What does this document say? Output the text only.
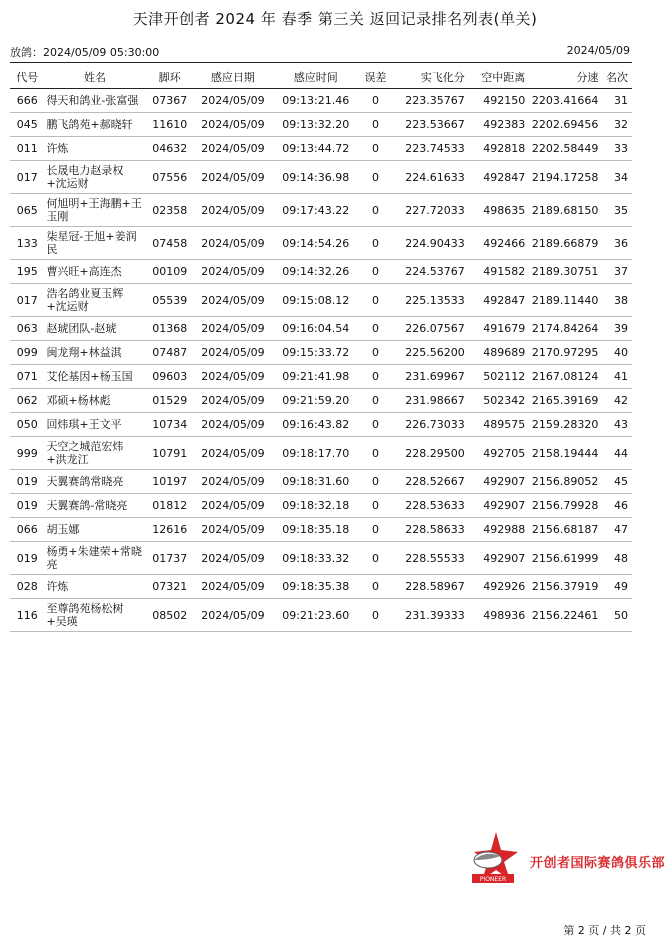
天津开创者 2024 年 春季 第三关 返回记录排名列表(单关)
放鸽：2024/05/09 05:30:00	2024/05/09
代号	姓名	脚环	感应日期	感应时间	误差	实飞化分	空中距离	分速	名次
666	得天和鸽业-张富强	07367	2024/05/09	09:13:21.46	0	223.35767	492150	2203.41664	31
045	鹏飞鸽苑+郝晓轩	11610	2024/05/09	09:13:32.20	0	223.53667	492383	2202.69456	32
011	许炼	04632	2024/05/09	09:13:44.72	0	223.74533	492818	2202.58449	33
017	长晟电力赵录权+沈运财	07556	2024/05/09	09:14:36.98	0	224.61633	492847	2194.17258	34
065	何旭明+王海鹏+王玉刚	02358	2024/05/09	09:17:43.22	0	227.72033	498635	2189.68150	35
133	柒星冠-王旭+姜润民	07458	2024/05/09	09:14:54.26	0	224.90433	492466	2189.66879	36
195	曹兴旺+高连杰	00109	2024/05/09	09:14:32.26	0	224.53767	491582	2189.30751	37
017	浩名鸽业夏玉辉+沈运财	05539	2024/05/09	09:15:08.12	0	225.13533	492847	2189.11440	38
063	赵琥团队-赵琥	01368	2024/05/09	09:16:04.54	0	226.07567	491679	2174.84264	39
099	闽龙翔+林益淇	07487	2024/05/09	09:15:33.72	0	225.56200	489689	2170.97295	40
071	艾伦基因+杨玉国	09603	2024/05/09	09:21:41.98	0	231.69967	502112	2167.08124	41
062	邓硕+杨林彪	01529	2024/05/09	09:21:59.20	0	231.98667	502342	2165.39169	42
050	回炜琪+王文平	10734	2024/05/09	09:16:43.82	0	226.73033	489575	2159.28320	43
999	天空之城范宏炜+洪龙江	10791	2024/05/09	09:18:17.70	0	228.29500	492705	2158.19444	44
019	天翼赛鸽常晓亮	10197	2024/05/09	09:18:31.60	0	228.52667	492907	2156.89052	45
019	天翼赛鸽-常晓亮	01812	2024/05/09	09:18:32.18	0	228.53633	492907	2156.79928	46
066	胡玉娜	12616	2024/05/09	09:18:35.18	0	228.58633	492988	2156.68187	47
019	杨勇+朱建荣+常晓亮	01737	2024/05/09	09:18:33.32	0	228.55533	492907	2156.61999	48
028	许炼	07321	2024/05/09	09:18:35.38	0	228.58967	492926	2156.37919	49
116	至尊鸽苑杨松树+吴瑛	08502	2024/05/09	09:21:23.60	0	231.39333	498936	2156.22461	50
PIONEER
开创者国际赛鸽俱乐部
第 2 页 / 共 2 页
